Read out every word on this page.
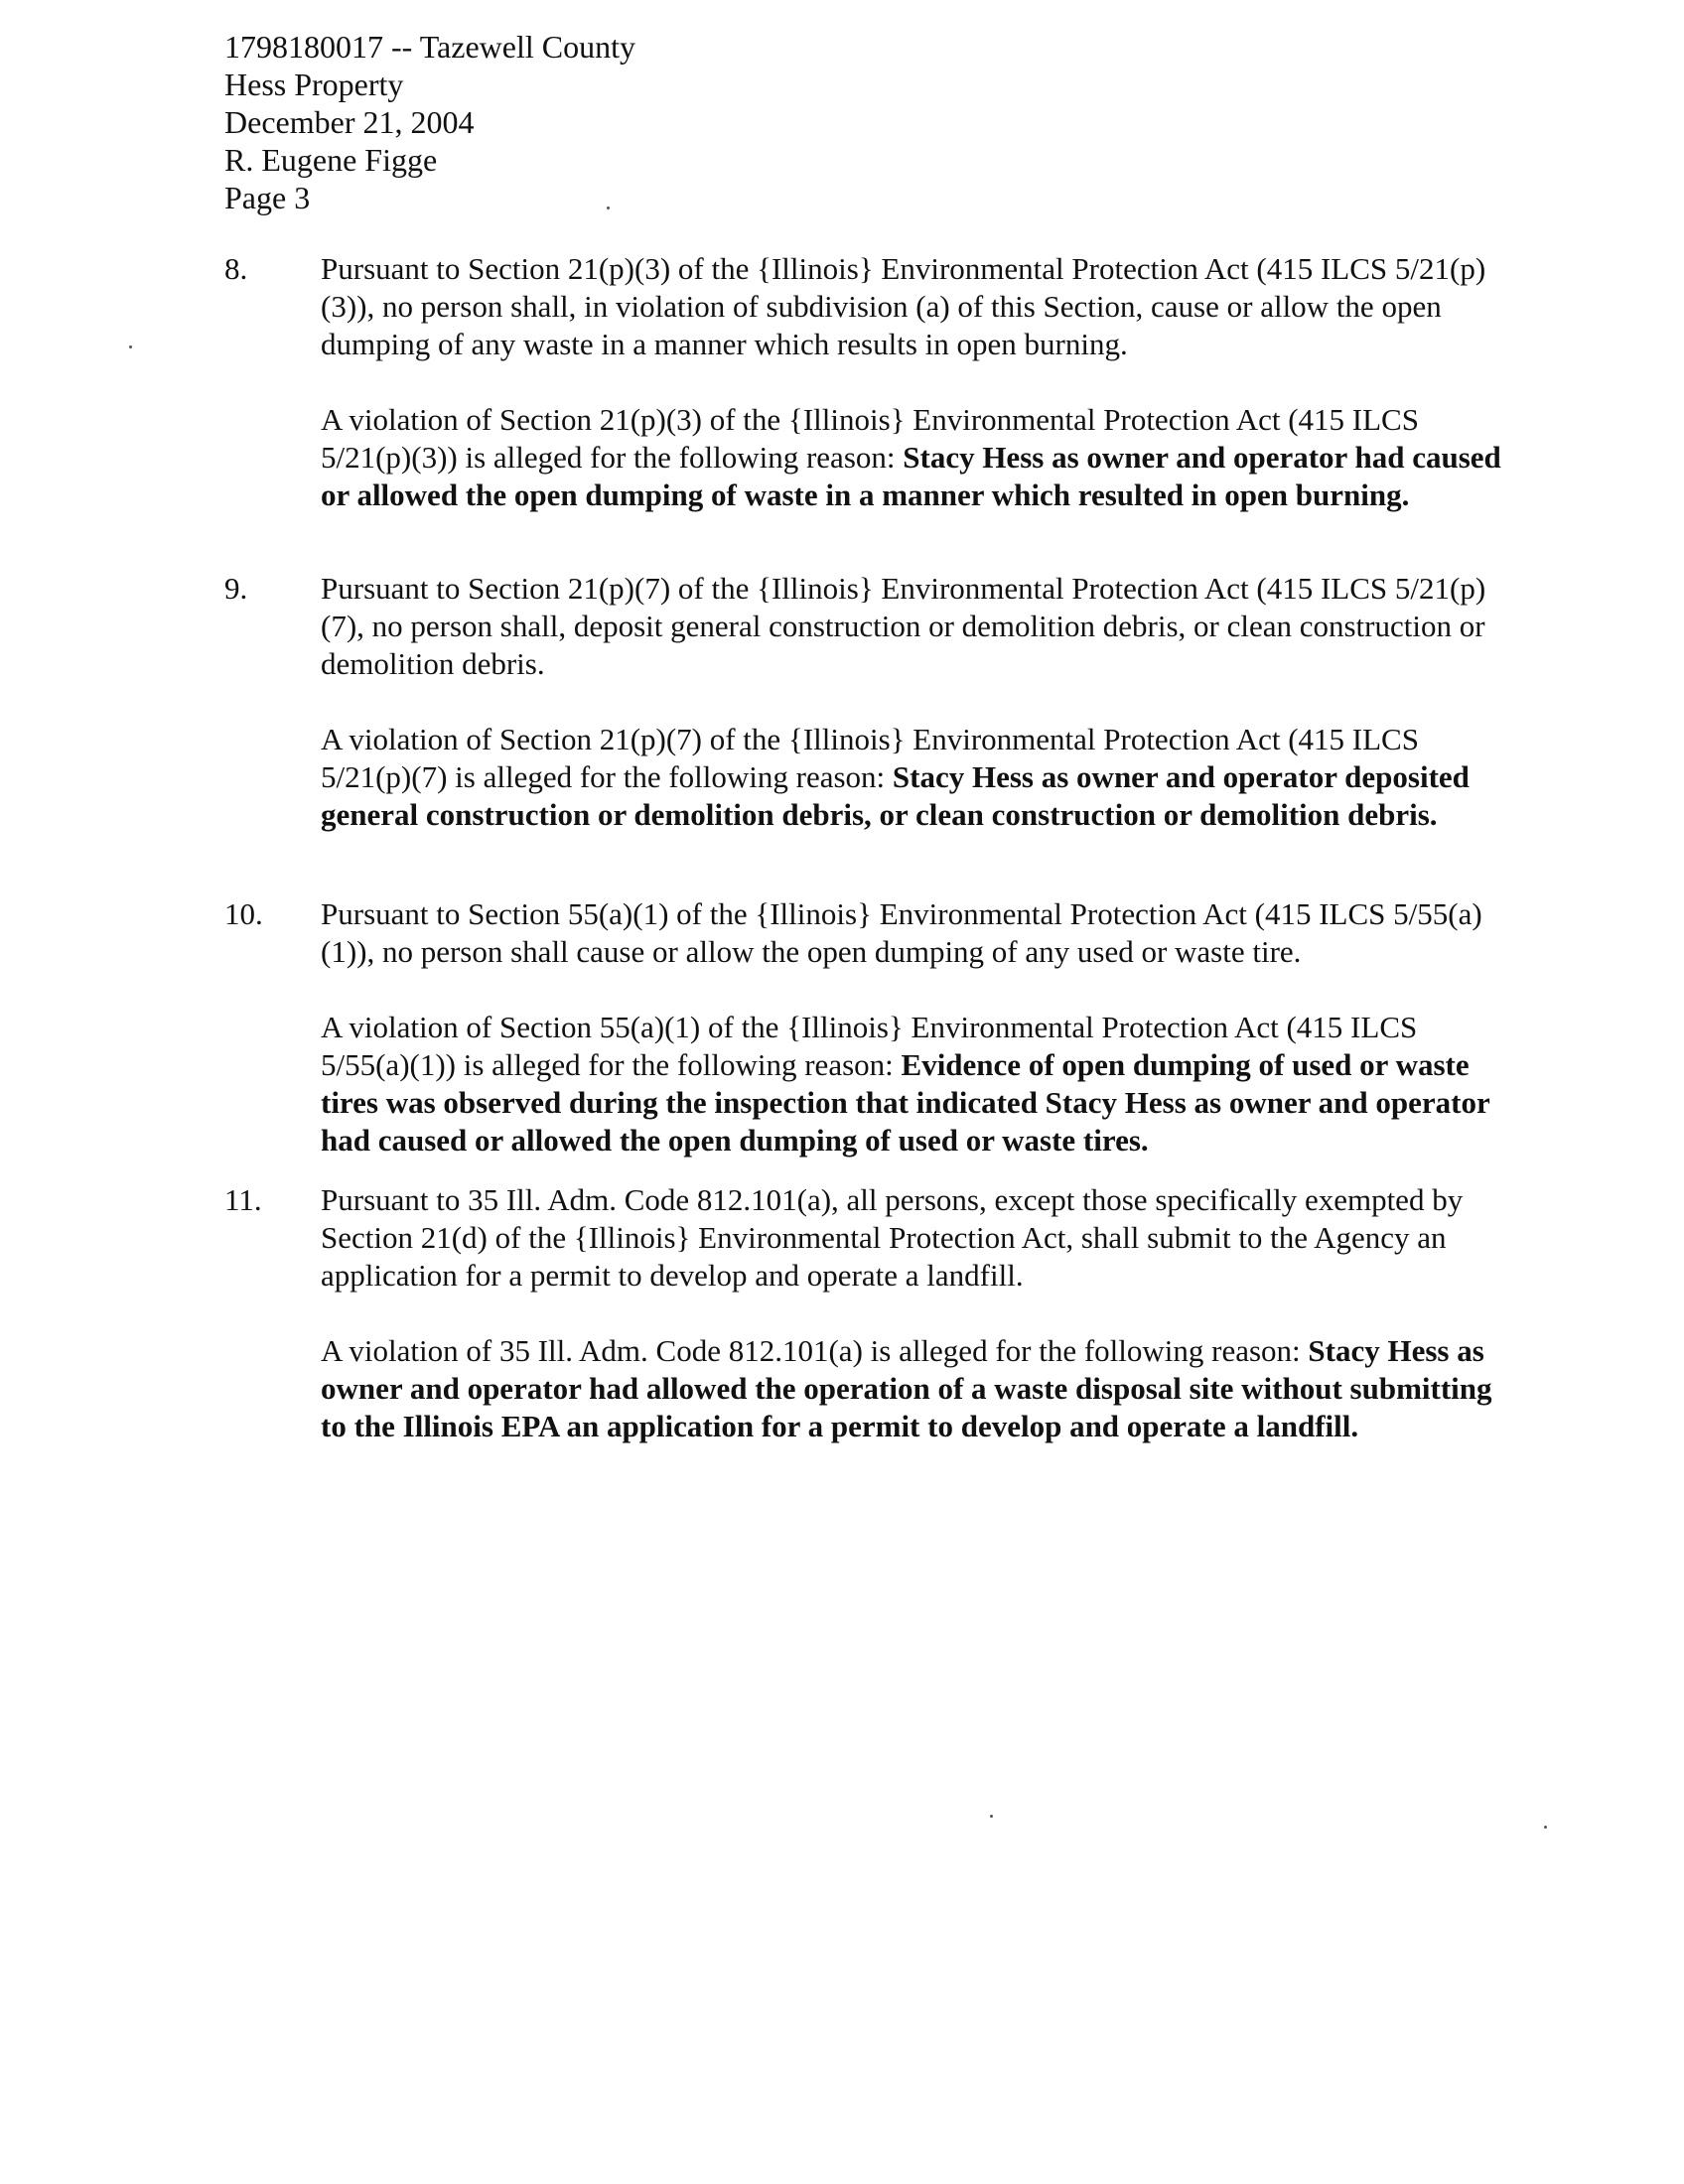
1798180017 -- Tazewell County
Hess Property
December 21, 2004
R. Eugene Figge
Page 3
8.	Pursuant to Section 21(p)(3) of the {Illinois} Environmental Protection Act (415 ILCS 5/21(p)(3)), no person shall, in violation of subdivision (a) of this Section, cause or allow the open dumping of any waste in a manner which results in open burning.

A violation of Section 21(p)(3) of the {Illinois} Environmental Protection Act (415 ILCS 5/21(p)(3)) is alleged for the following reason: Stacy Hess as owner and operator had caused or allowed the open dumping of waste in a manner which resulted in open burning.

9.	Pursuant to Section 21(p)(7) of the {Illinois} Environmental Protection Act (415 ILCS 5/21(p)(7), no person shall, deposit general construction or demolition debris, or clean construction or demolition debris.

A violation of Section 21(p)(7) of the {Illinois} Environmental Protection Act (415 ILCS 5/21(p)(7) is alleged for the following reason: Stacy Hess as owner and operator deposited general construction or demolition debris, or clean construction or demolition debris.

10.	Pursuant to Section 55(a)(1) of the {Illinois} Environmental Protection Act (415 ILCS 5/55(a)(1)), no person shall cause or allow the open dumping of any used or waste tire.

A violation of Section 55(a)(1) of the {Illinois} Environmental Protection Act (415 ILCS 5/55(a)(1)) is alleged for the following reason: Evidence of open dumping of used or waste tires was observed during the inspection that indicated Stacy Hess as owner and operator had caused or allowed the open dumping of used or waste tires.

11.	Pursuant to 35 Ill. Adm. Code 812.101(a), all persons, except those specifically exempted by Section 21(d) of the {Illinois} Environmental Protection Act, shall submit to the Agency an application for a permit to develop and operate a landfill.

A violation of 35 Ill. Adm. Code 812.101(a) is alleged for the following reason: Stacy Hess as owner and operator had allowed the operation of a waste disposal site without submitting to the Illinois EPA an application for a permit to develop and operate a landfill.
